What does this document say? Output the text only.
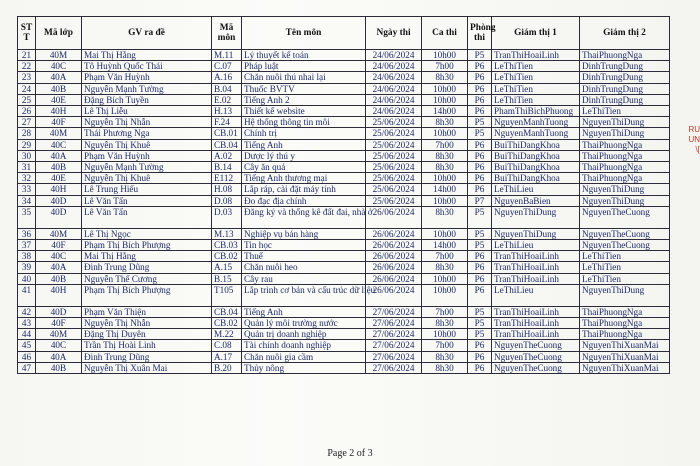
ST T	Mã lớp	GV ra đề	Mã môn	Tên môn	Ngày thi	Ca thi	Phòng thi	Giám thị 1	Giám thị 2
21	40M	Mai Thị Hằng	M.11	Lý thuyết kế toán	24/06/2024	10h00	P5	TranThiHoaiLinh	ThaiPhuongNga
22	40C	Tô Huỳnh Quốc Thái	C.07	Pháp luật	24/06/2024	7h00	P6	LeThiTien	DinhTrungDung
23	40A	Phạm Văn Huỳnh	A.16	Chăn nuôi thú nhai lại	24/06/2024	8h30	P6	LeThiTien	DinhTrungDung
24	40B	Nguyễn Mạnh Tường	B.04	Thuốc BVTV	24/06/2024	10h00	P6	LeThiTien	DinhTrungDung
25	40E	Đặng Bích Tuyền	E.02	Tiếng Anh 2	24/06/2024	10h00	P6	LeThiTien	DinhTrungDung
26	40H	Lê Thị Liễu	H.13	Thiết kế website	24/06/2024	14h00	P6	PhamThiBichPhuong	LeThiTien
27	40F	Nguyễn Thị Nhẫn	F.24	Hệ thống thông tin môi	25/06/2024	8h30	P5	NguyenManhTuong	NguyenThiDung
28	40M	Thái Phương Nga	CB.01	Chính trị	25/06/2024	10h00	P5	NguyenManhTuong	NguyenThiDung
29	40C	Nguyễn Thị Khuê	CB.04	Tiếng Anh	25/06/2024	7h00	P6	BuiThiDangKhoa	ThaiPhuongNga
30	40A	Phạm Văn Huỳnh	A.02	Dược lý thú y	25/06/2024	8h30	P6	BuiThiDangKhoa	ThaiPhuongNga
31	40B	Nguyễn Mạnh Tường	B.14	Cây ăn quả	25/06/2024	8h30	P6	BuiThiDangKhoa	ThaiPhuongNga
32	40E	Nguyễn Thị Khuê	E112	Tiếng Anh thương mại	25/06/2024	10h00	P6	BuiThiDangKhoa	ThaiPhuongNga
33	40H	Lê Trung Hiếu	H.08	Lắp ráp, cài đặt máy tính	25/06/2024	14h00	P6	LeThiLieu	NguyenThiDung
34	40D	Lê Văn Tấn	D.08	Đo đạc địa chính	25/06/2024	10h00	P7	NguyenBaBien	NguyenThiDung
35	40D	Lê Văn Tấn	D.03	Đăng ký và thống kê đất đai, nhà ở	26/06/2024	8h30	P5	NguyenThiDung	NguyenTheCuong
36	40M	Lê Thị Ngọc	M.13	Nghiệp vụ bán hàng	26/06/2024	10h00	P5	NguyenThiDung	NguyenTheCuong
37	40F	Phạm Thị Bích Phượng	CB.03	Tin học	26/06/2024	14h00	P5	LeThiLieu	NguyenTheCuong
38	40C	Mai Thị Hằng	CB.02	Thuế	26/06/2024	7h00	P6	TranThiHoaiLinh	LeThiTien
39	40A	Đinh Trung Dũng	A.15	Chăn nuôi heo	26/06/2024	8h30	P6	TranThiHoaiLinh	LeThiTien
40	40B	Nguyễn Thế Cương	B.15	Cây rau	26/06/2024	10h00	P6	TranThiHoaiLinh	LeThiTien
41	40H	Phạm Thị Bích Phượng	T105	Lắp trình cơ bản và cấu trúc dữ liệu	26/06/2024	10h00	P6	LeThiLieu	NguyenThiDung
42	40D	Phạm Văn Thiện	CB.04	Tiếng Anh	27/06/2024	7h00	P5	TranThiHoaiLinh	ThaiPhuongNga
43	40F	Nguyễn Thị Nhẫn	CB.02	Quản lý môi trường nước	27/06/2024	8h30	P5	TranThiHoaiLinh	ThaiPhuongNga
44	40M	Đặng Thị Duyên	M.22	Quản trị doanh nghiệp	27/06/2024	10h00	P5	TranThiHoaiLinh	ThaiPhuongNga
45	40C	Trần Thị Hoài Linh	C.08	Tài chính doanh nghiệp	27/06/2024	7h00	P6	NguyenTheCuong	NguyenThiXuanMai
46	40A	Đinh Trung Dũng	A.17	Chăn nuôi gia cầm	27/06/2024	8h30	P6	NguyenTheCuong	NguyenThiXuanMai
47	40B	Nguyễn Thị Xuân Mai	B.20	Thủy nông	27/06/2024	8h30	P6	NguyenTheCuong	NguyenThiXuanMai
Page 2 of 3
RU
UN
\[
